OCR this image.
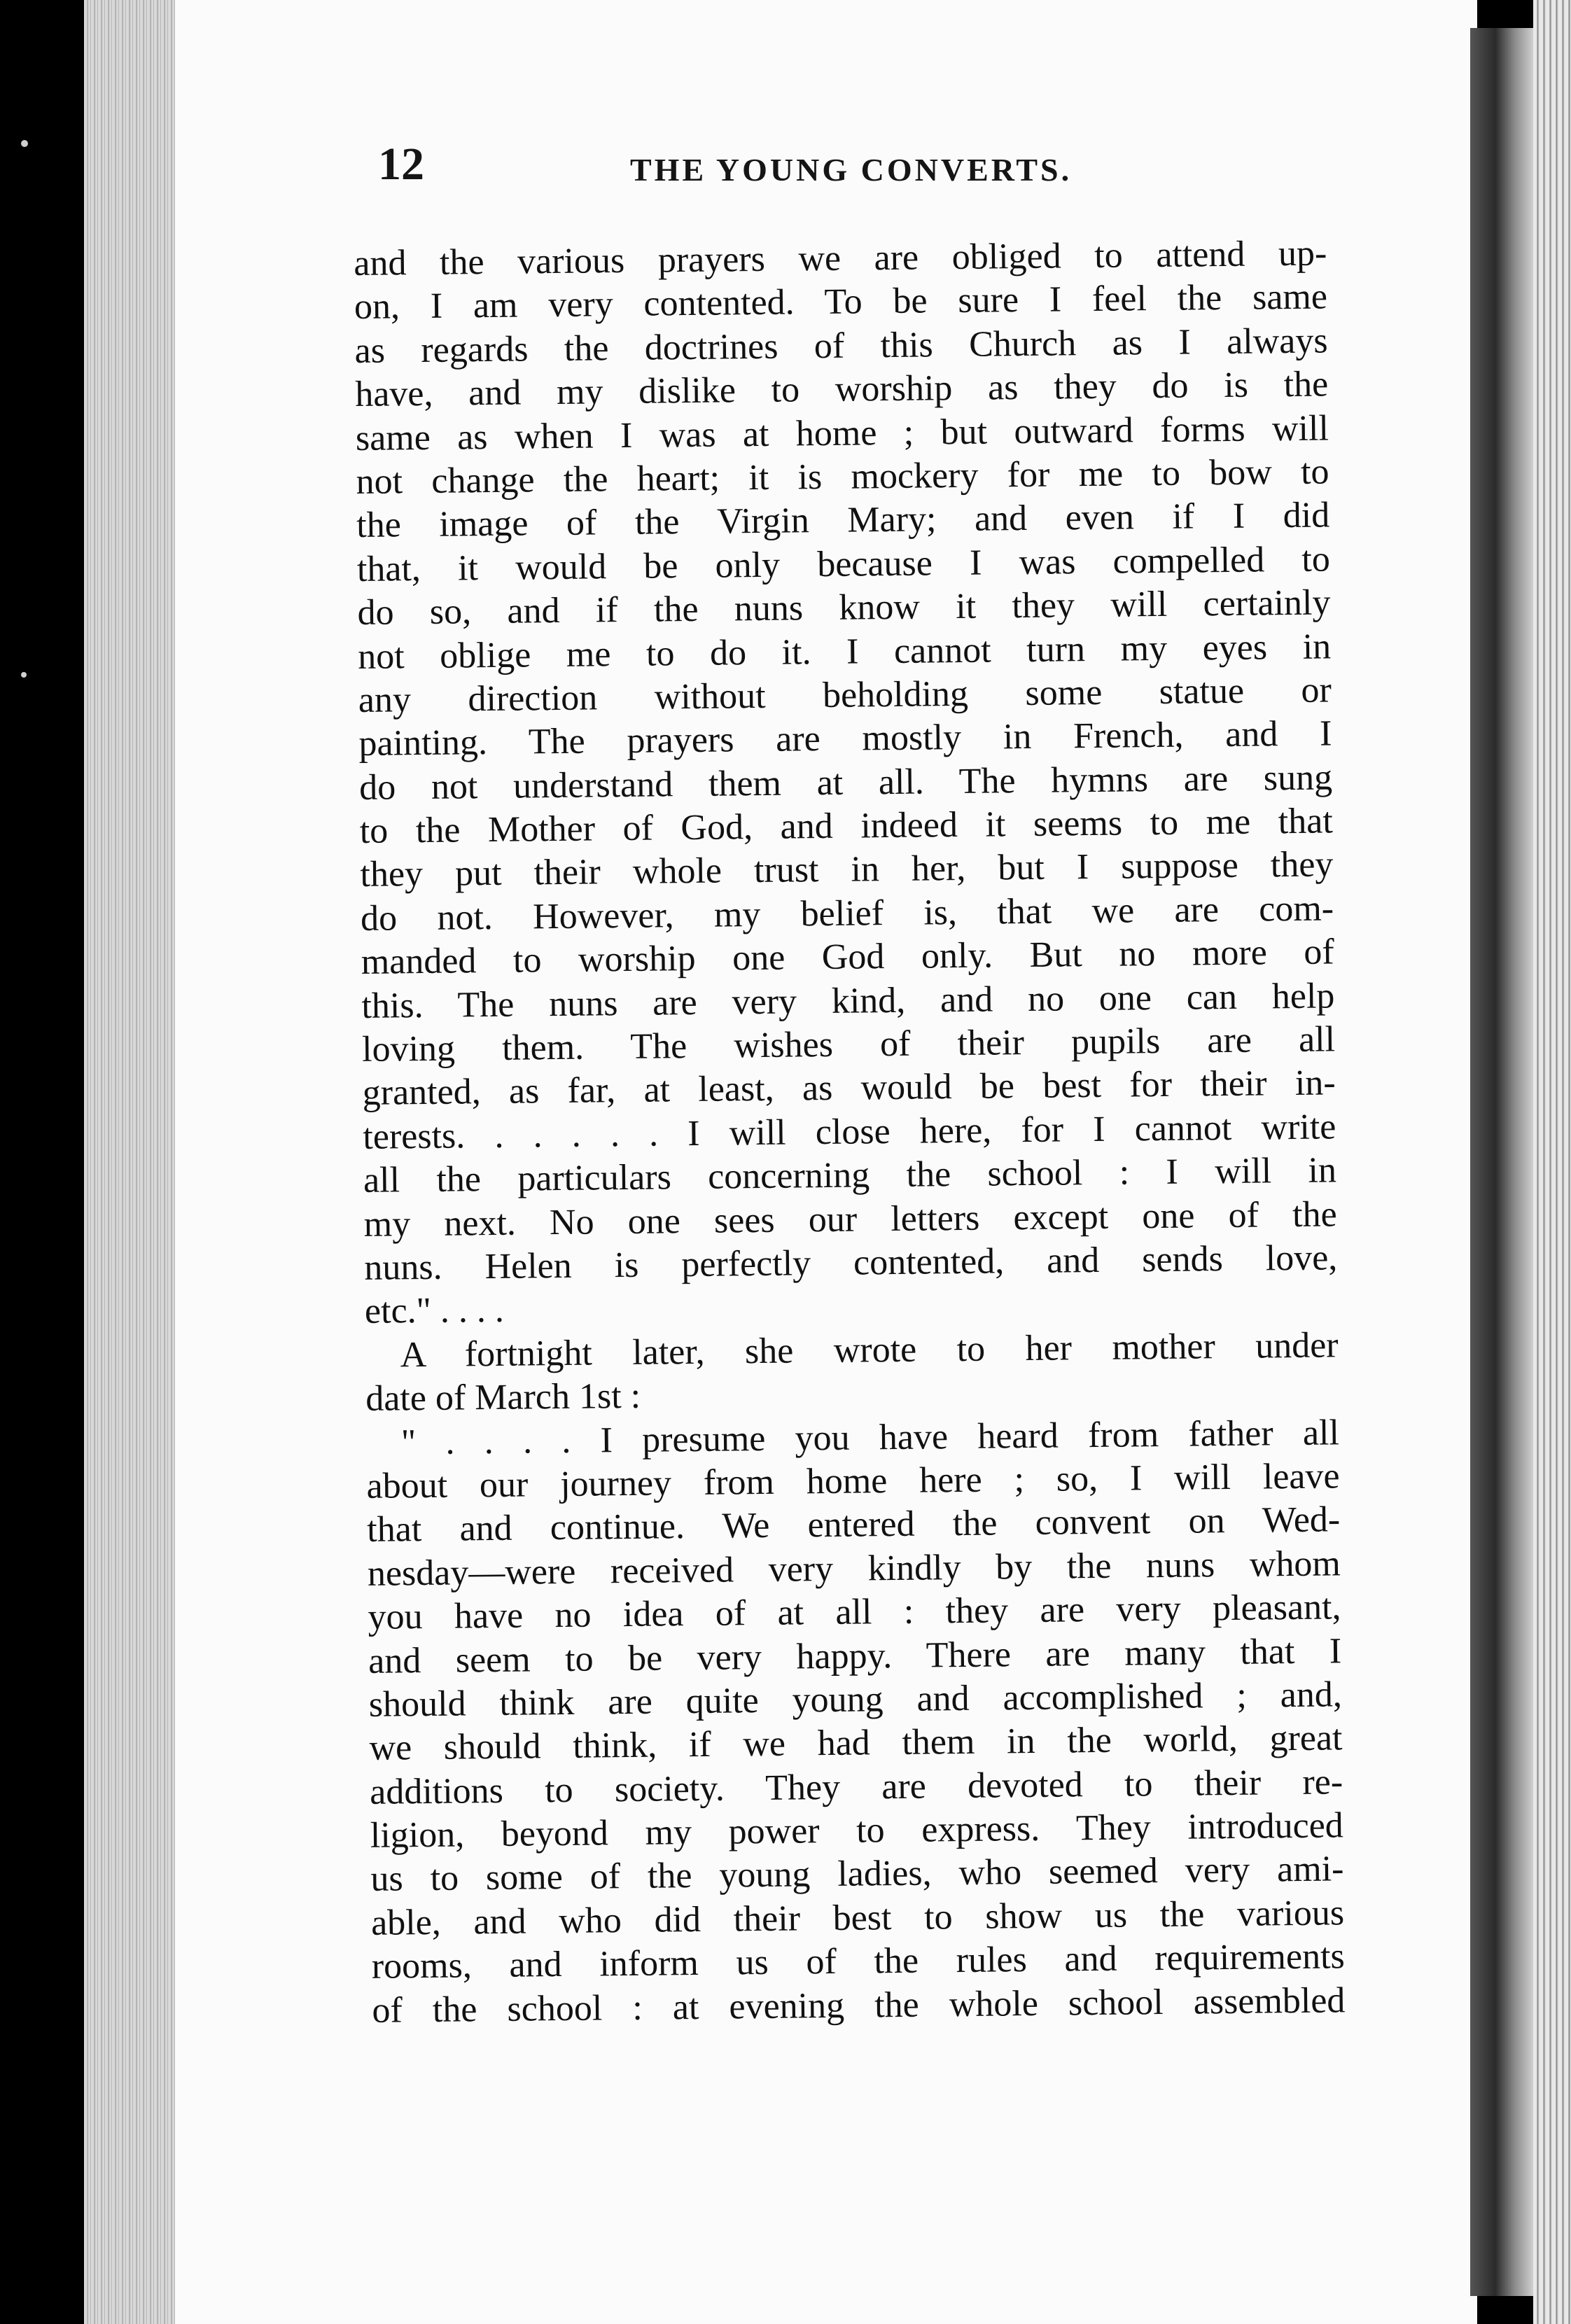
12	THE YOUNG CONVERTS.
and the various prayers we are obliged to attend up-
on, I am very contented. To be sure I feel the same
as regards the doctrines of this Church as I always
have, and my dislike to worship as they do is the
same as when I was at home ; but outward forms will
not change the heart; it is mockery for me to bow to
the image of the Virgin Mary; and even if I did
that, it would be only because I was compelled to
do so, and if the nuns know it they will certainly
not oblige me to do it. I cannot turn my eyes in
any direction without beholding some statue or
painting. The prayers are mostly in French, and I
do not understand them at all. The hymns are sung
to the Mother of God, and indeed it seems to me that
they put their whole trust in her, but I suppose they
do not. However, my belief is, that we are com-
manded to worship one God only. But no more of
this. The nuns are very kind, and no one can help
loving them. The wishes of their pupils are all
granted, as far, at least, as would be best for their in-
terests. . . . . . I will close here, for I cannot write
all the particulars concerning the school : I will in
my next. No one sees our letters except one of the
nuns. Helen is perfectly contented, and sends love,
etc." . . . .
A fortnight later, she wrote to her mother under
date of March 1st :
" . . . . I presume you have heard from father all
about our journey from home here ; so, I will leave
that and continue. We entered the convent on Wed-
nesday—were received very kindly by the nuns whom
you have no idea of at all : they are very pleasant,
and seem to be very happy. There are many that I
should think are quite young and accomplished ; and,
we should think, if we had them in the world, great
additions to society. They are devoted to their re-
ligion, beyond my power to express. They introduced
us to some of the young ladies, who seemed very ami-
able, and who did their best to show us the various
rooms, and inform us of the rules and requirements
of the school : at evening the whole school assembled
